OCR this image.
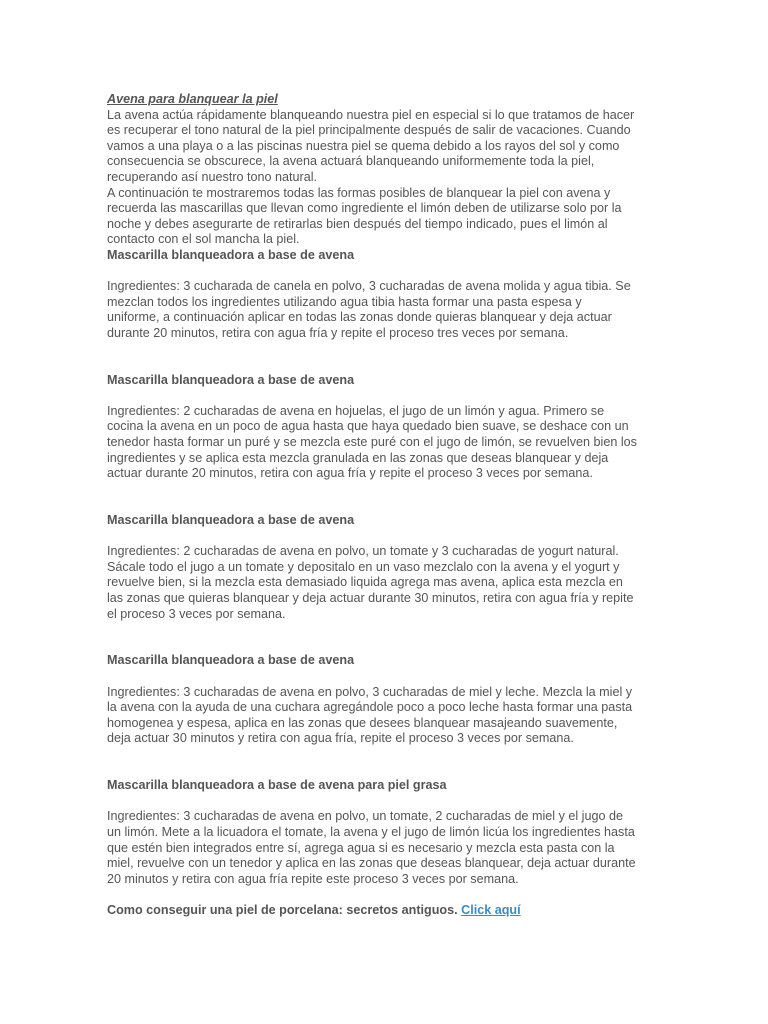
Avena para blanquear la piel

La avena actúa rápidamente blanqueando nuestra piel en especial si lo que tratamos de hacer

es recuperar el tono natural de la piel principalmente después de salir de vacaciones. Cuando

vamos a una playa o a las piscinas nuestra piel se quema debido a los rayos del sol y como

consecuencia se obscurece, la avena actuará blanqueando uniformemente toda la piel,

recuperando así nuestro tono natural.

A continuación te mostraremos todas las formas posibles de blanquear la piel con avena y

recuerda las mascarillas que llevan como ingrediente el limón deben de utilizarse solo por la

noche y debes asegurarte de retirarlas bien después del tiempo indicado, pues el limón al

contacto con el sol mancha la piel.

Mascarilla blanqueadora a base de avena

Ingredientes: 3 cucharada de canela en polvo, 3 cucharadas de avena molida y agua tibia. Se

mezclan todos los ingredientes utilizando agua tibia hasta formar una pasta espesa y

uniforme, a continuación aplicar en todas las zonas donde quieras blanquear y deja actuar

durante 20 minutos, retira con agua fría y repite el proceso tres veces por semana.

Mascarilla blanqueadora a base de avena

Ingredientes: 2 cucharadas de avena en hojuelas, el jugo de un limón y agua. Primero se

cocina la avena en un poco de agua hasta que haya quedado bien suave, se deshace con un

tenedor hasta formar un puré y se mezcla este puré con el jugo de limón, se revuelven bien los

ingredientes y se aplica esta mezcla granulada en las zonas que deseas blanquear y deja

actuar durante 20 minutos, retira con agua fría y repite el proceso 3 veces por semana.

Mascarilla blanqueadora a base de avena

Ingredientes: 2 cucharadas de avena en polvo, un tomate y 3 cucharadas de yogurt natural.

Sácale todo el jugo a un tomate y depositalo en un vaso mezclalo con la avena y el yogurt y

revuelve bien, si la mezcla esta demasiado liquida agrega mas avena, aplica esta mezcla en

las zonas que quieras blanquear y deja actuar durante 30 minutos, retira con agua fría y repite

el proceso 3 veces por semana.

Mascarilla blanqueadora a base de avena

Ingredientes: 3 cucharadas de avena en polvo, 3 cucharadas de miel y leche. Mezcla la miel y

la avena con la ayuda de una cuchara agregándole poco a poco leche hasta formar una pasta

homogenea y espesa, aplica en las zonas que desees blanquear masajeando suavemente,

deja actuar 30 minutos y retira con agua fría, repite el proceso 3 veces por semana.

Mascarilla blanqueadora a base de avena para piel grasa

Ingredientes: 3 cucharadas de avena en polvo, un tomate, 2 cucharadas de miel y el jugo de

un limón. Mete a la licuadora el tomate, la avena y el jugo de limón licúa los ingredientes hasta

que estén bien integrados entre sí, agrega agua si es necesario y mezcla esta pasta con la

miel, revuelve con un tenedor y aplica en las zonas que deseas blanquear, deja actuar durante

20 minutos y retira con agua fría repite este proceso 3 veces por semana.

Como conseguir una piel de porcelana: secretos antiguos. Click aquí
